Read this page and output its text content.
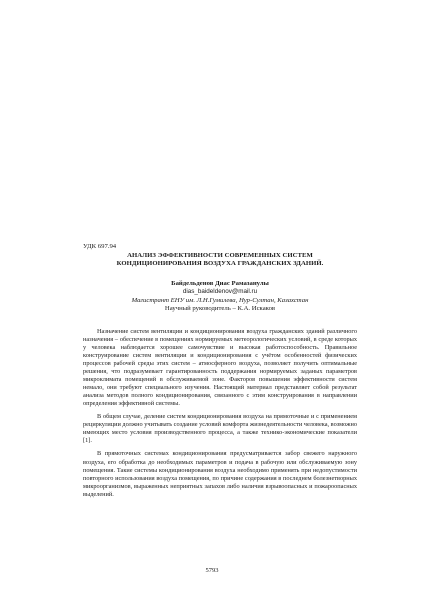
УДК 697.94
АНАЛИЗ ЭФФЕКТИВНОСТИ СОВРЕМЕННЫХ СИСТЕМ
КОНДИЦИОНИРОВАНИЯ ВОЗДУХА ГРАЖДАНСКИХ ЗДАНИЙ.
Байдельденов Диас Рамазанулы
dias_baideldenov@mail.ru
Магистрант ЕНУ им. Л.Н.Гумилева, Нур-Султан, Казахстан
Научный руководитель – К.А. Искаков

Назначение систем вентиляции и кондиционирования воздуха гражданских зданий различного назначения – обеспечение в помещениях нормируемых метеорологических условий, в среде которых у человека наблюдается хорошее самочувствие и высокая работоспособность. Правильное конструирование систем вентиляции и кондиционирования с учётом особенностей физических процессов рабочей среды этих систем – атмосферного воздуха, позволяет получить оптимальные решения, что подразумевает гарантированность поддержания нормируемых заданых параметров микроклимата помещений в обслуживаемой зоне. Факторов повышения эффективности систем немало, они требуют специального изучения. Настоящий материал представляет собой результат анализа методов полного кондиционирования, связанного с этим конструирования в направлении определения эффективной системы.

В общем случае, деление систем кондиционирования воздуха на прямоточные и с применением рециркуляции должно учитывать создание условий комфорта жизнедеятельности человека, возможно имеющих место условия производственного процесса, а также технико-экономические показатели [1].

В прямоточных системах кондиционирования предусматривается забор свежего наружного воздуха, его обработка до необходимых параметров и подача в рабочую или обслуживаемую зону помещения. Такие системы кондиционирования воздуха необходимо применять при недопустимости повторного использования воздуха помещения, по причине содержания в последнем болезнетворных микроорганизмов, выраженных неприятных запахов либо наличия взрывоопасных и пожароопасных выделений.

5793
